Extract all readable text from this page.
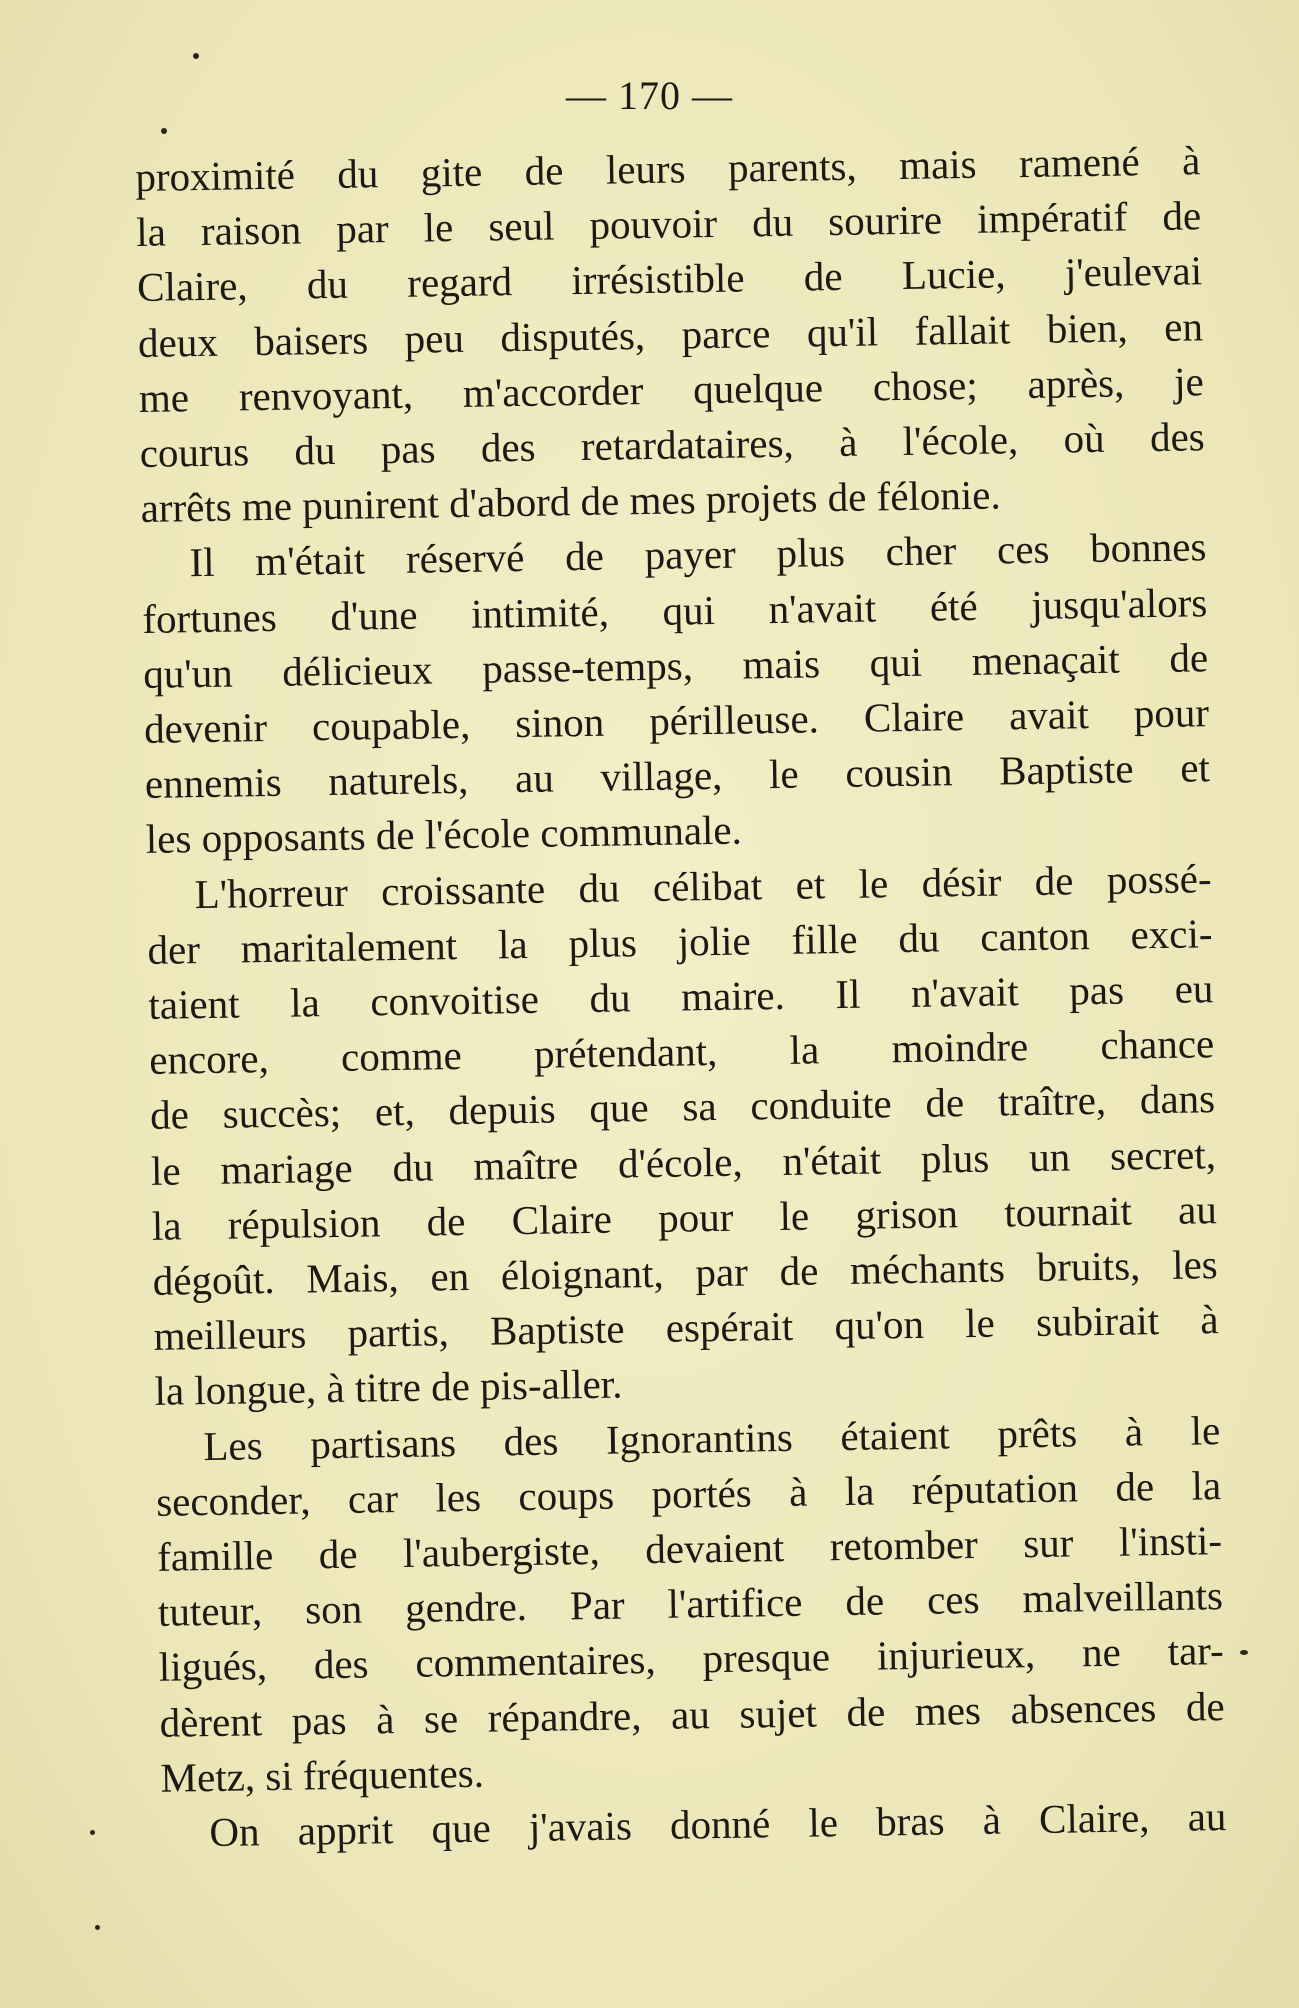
— 170 —
proximité du gite de leurs parents, mais ramené à
la raison par le seul pouvoir du sourire impératif de
Claire, du regard irrésistible de Lucie, j'eulevai
deux baisers peu disputés, parce qu'il fallait bien, en
me renvoyant, m'accorder quelque chose; après, je
courus du pas des retardataires, à l'école, où des
arrêts me punirent d'abord de mes projets de félonie.
Il m'était réservé de payer plus cher ces bonnes
fortunes d'une intimité, qui n'avait été jusqu'alors
qu'un délicieux passe-temps, mais qui menaçait de
devenir coupable, sinon périlleuse. Claire avait pour
ennemis naturels, au village, le cousin Baptiste et
les opposants de l'école communale.
L'horreur croissante du célibat et le désir de possé-
der maritalement la plus jolie fille du canton exci-
taient la convoitise du maire. Il n'avait pas eu
encore, comme prétendant, la moindre chance
de succès; et, depuis que sa conduite de traître, dans
le mariage du maître d'école, n'était plus un secret,
la répulsion de Claire pour le grison tournait au
dégoût. Mais, en éloignant, par de méchants bruits, les
meilleurs partis, Baptiste espérait qu'on le subirait à
la longue, à titre de pis-aller.
Les partisans des Ignorantins étaient prêts à le
seconder, car les coups portés à la réputation de la
famille de l'aubergiste, devaient retomber sur l'insti-
tuteur, son gendre. Par l'artifice de ces malveillants
ligués, des commentaires, presque injurieux, ne tar-
dèrent pas à se répandre, au sujet de mes absences de
Metz, si fréquentes.
On apprit que j'avais donné le bras à Claire, au
